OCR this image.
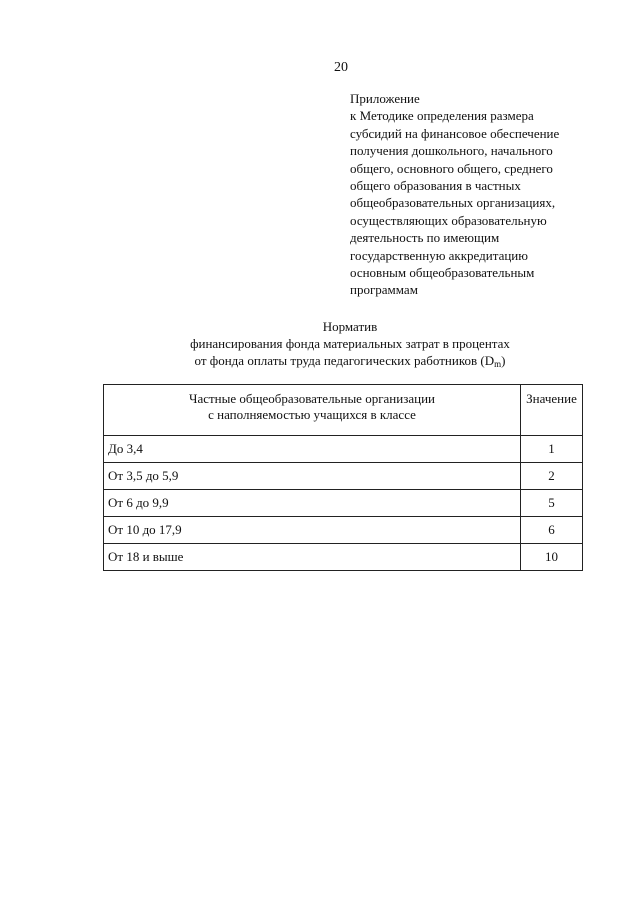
20
Приложение
к Методике определения размера
субсидий на финансовое обеспечение
получения дошкольного, начального
общего, основного общего, среднего
общего образования в частных
общеобразовательных организациях,
осуществляющих образовательную
деятельность по имеющим
государственную аккредитацию
основным общеобразовательным
программам
Норматив
финансирования фонда материальных затрат в процентах
от фонда оплаты труда педагогических работников $(D_m)$
Частные общеобразовательные организации
с наполняемостью учащихся в классе	Значение
До 3,4	1
От 3,5 до 5,9	2
От 6 до 9,9	5
От 10 до 17,9	6
От 18 и выше	10
